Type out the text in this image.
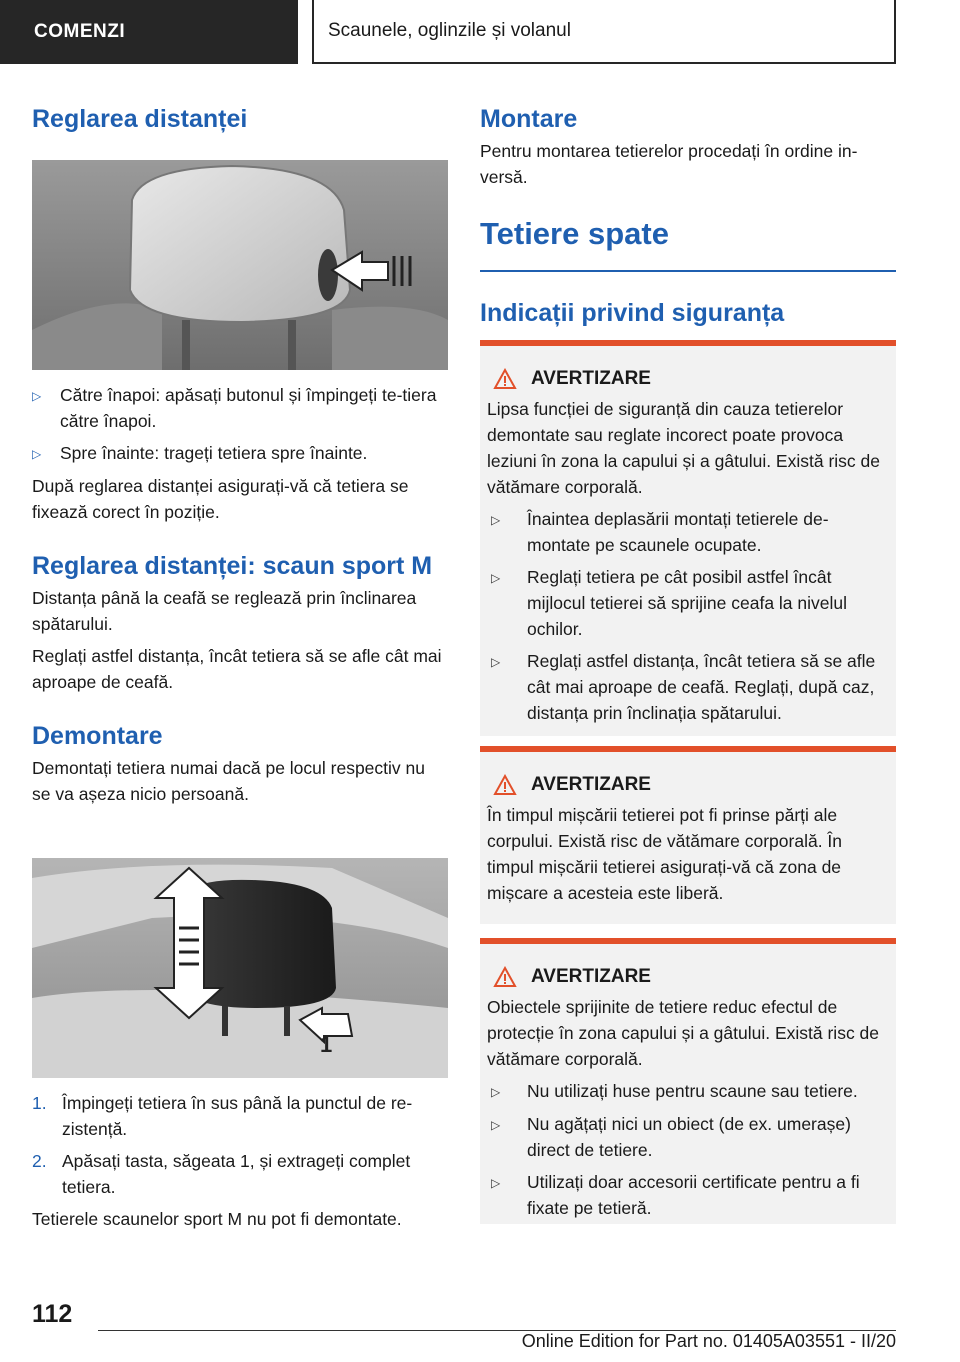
COMENZI	Scaunele, oglinzile și volanul
Reglarea distanței
▷	Către înapoi: apăsați butonul și împingeți te-tiera către înapoi.
▷	Spre înainte: trageți tetiera spre înainte.

După reglarea distanței asigurați-vă că tetiera se fixează corect în poziție.

Reglarea distanței: scaun sport M

Distanța până la ceafă se reglează prin înclinarea spătarului.

Reglați astfel distanța, încât tetiera să se afle cât mai aproape de ceafă.

Demontare

Demontați tetiera numai dacă pe locul respectiv nu se va așeza nicio persoană.

1
1. Împingeți tetiera în sus până la punctul de re-zistență.
2. Apăsați tasta, săgeata 1, și extrageți complet tetiera.

Tetierele scaunelor sport M nu pot fi demontate.

Montare

Pentru montarea tetierelor procedați în ordine in-versă.

Tetiere spate
Indicații privind siguranța
AVERTIZARE

Lipsa funcției de siguranță din cauza tetierelor demontate sau reglate incorect poate provoca leziuni în zona la capului și a gâtului. Există risc de vătămare corporală.

▷	Înaintea deplasării montați tetierele de-montate pe scaunele ocupate.
▷	Reglați tetiera pe cât posibil astfel încât mijlocul tetierei să sprijine ceafa la nivelul ochilor.
▷	Reglați astfel distanța, încât tetiera să se afle cât mai aproape de ceafă. Reglați, după caz, distanța prin înclinația spătarului.
AVERTIZARE

În timpul mișcării tetierei pot fi prinse părți ale corpului. Există risc de vătămare corporală. În timpul mișcării tetierei asigurați-vă că zona de mișcare a acesteia este liberă.

AVERTIZARE

Obiectele sprijinite de tetiere reduc efectul de protecție în zona capului și a gâtului. Există risc de vătămare corporală.

▷	Nu utilizați huse pentru scaune sau tetiere.
▷	Nu agățați nici un obiect (de ex. umerașe) direct de tetiere.
▷	Utilizați doar accesorii certificate pentru a fi fixate pe tetieră.
112
Online Edition for Part no. 01405A03551 - II/20
